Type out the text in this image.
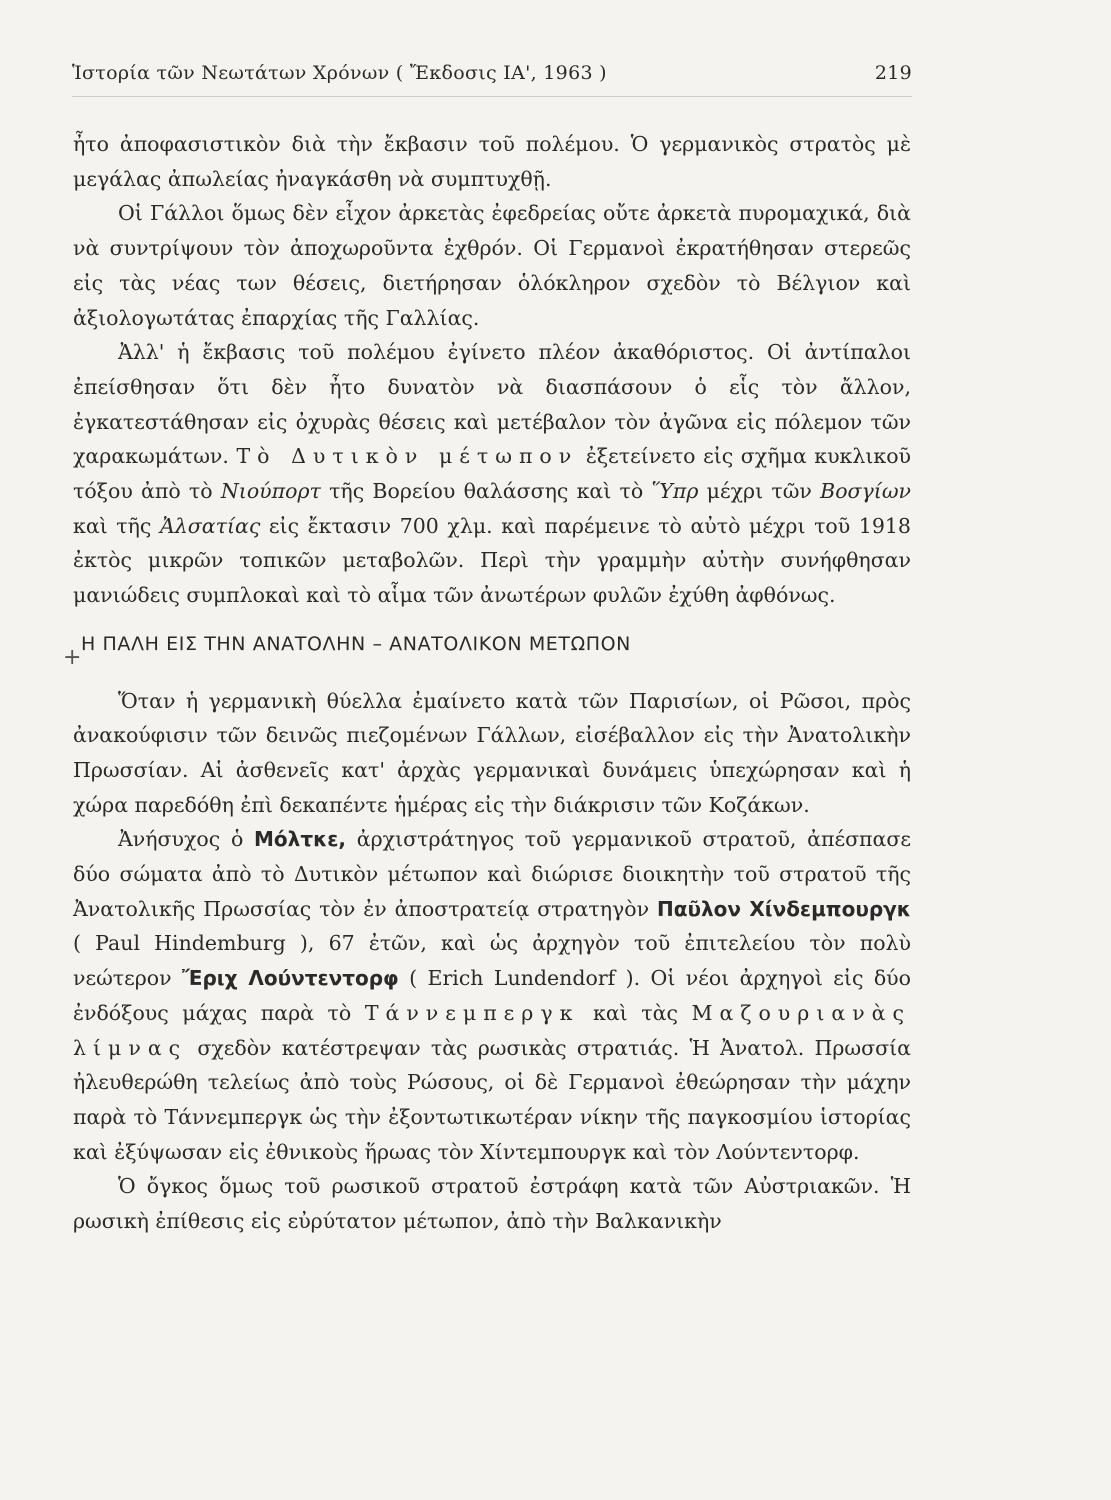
Ἱστορία τῶν Νεωτάτων Χρόνων ( Ἔκδοσις ΙΑ', 1963 )	219

ἦτο ἀποφασιστικὸν διὰ τὴν ἔκβασιν τοῦ πολέμου. Ὁ γερμανικὸς στρατὸς μὲ μεγάλας ἀπωλείας ἠναγκάσθη νὰ συμπτυχθῇ.

Οἱ Γάλλοι ὅμως δὲν εἶχον ἀρκετὰς ἐφεδρείας οὔτε ἀρκετὰ πυρομαχικά, διὰ νὰ συντρίψουν τὸν ἀποχωροῦντα ἐχθρόν. Οἱ Γερμανοὶ ἐκρατήθησαν στερεῶς εἰς τὰς νέας των θέσεις, διετήρησαν ὁλόκληρον σχεδὸν τὸ Βέλγιον καὶ ἀξιολογωτάτας ἐπαρχίας τῆς Γαλλίας.

Ἀλλ' ἡ ἔκβασις τοῦ πολέμου ἐγίνετο πλέον ἀκαθόριστος. Οἱ ἀντίπαλοι ἐπείσθησαν ὅτι δὲν ἦτο δυνατὸν νὰ διασπάσουν ὁ εἷς τὸν ἄλλον, ἐγκατεστάθησαν εἰς ὀχυρὰς θέσεις καὶ μετέβαλον τὸν ἀγῶνα εἰς πόλεμον τῶν χαρακωμάτων. Τὸ Δυτικὸν μέτωπον ἐξετείνετο εἰς σχῆμα κυκλικοῦ τόξου ἀπὸ τὸ Νιούπορτ τῆς Βορείου θαλάσσης καὶ τὸ Ὕπρ μέχρι τῶν Βοσγίων καὶ τῆς Ἀλσατίας εἰς ἔκτασιν 700 χλμ. καὶ παρέμεινε τὸ αὐτὸ μέχρι τοῦ 1918 ἐκτὸς μικρῶν τοπικῶν μεταβολῶν. Περὶ τὴν γραμμὴν αὐτὴν συνήφθησαν μανιώδεις συμπλοκαὶ καὶ τὸ αἷμα τῶν ἀνωτέρων φυλῶν ἐχύθη ἀφθόνως.

+
Η ΠΑΛΗ ΕΙΣ ΤΗΝ ΑΝΑΤΟΛΗΝ – ΑΝΑΤΟΛΙΚΟΝ ΜΕΤΩΠΟΝ

Ὅταν ἡ γερμανικὴ θύελλα ἐμαίνετο κατὰ τῶν Παρισίων, οἱ Ρῶσοι, πρὸς ἀνακούφισιν τῶν δεινῶς πιεζομένων Γάλλων, εἰσέβαλλον εἰς τὴν Ἀνατολικὴν Πρωσσίαν. Αἱ ἀσθενεῖς κατ' ἀρχὰς γερμανικαὶ δυνάμεις ὑπεχώρησαν καὶ ἡ χώρα παρεδόθη ἐπὶ δεκαπέντε ἡμέρας εἰς τὴν διάκρισιν τῶν Κοζάκων.

Ἀνήσυχος ὁ Μόλτκε, ἀρχιστράτηγος τοῦ γερμανικοῦ στρατοῦ, ἀπέσπασε δύο σώματα ἀπὸ τὸ Δυτικὸν μέτωπον καὶ διώρισε διοικητὴν τοῦ στρατοῦ τῆς Ἀνατολικῆς Πρωσσίας τὸν ἐν ἀποστρατείᾳ στρατηγὸν Παῦλον Χίνδεμπουργκ ( Paul Hindemburg ), 67 ἐτῶν, καὶ ὡς ἀρχηγὸν τοῦ ἐπιτελείου τὸν πολὺ νεώτερον Ἔριχ Λούντεντορφ ( Erich Lundendorf ). Οἱ νέοι ἀρχηγοὶ εἰς δύο ἐνδόξους μάχας παρὰ τὸ Τάννεμπεργκ καὶ τὰς Μαζουριανὰς λίμνας σχεδὸν κατέστρεψαν τὰς ρωσικὰς στρατιάς. Ἡ Ἀνατολ. Πρωσσία ἠλευθερώθη τελείως ἀπὸ τοὺς Ρώσους, οἱ δὲ Γερμανοὶ ἐθεώρησαν τὴν μάχην παρὰ τὸ Τάννεμπεργκ ὡς τὴν ἐξοντωτικωτέραν νίκην τῆς παγκοσμίου ἱστορίας καὶ ἐξύψωσαν εἰς ἐθνικοὺς ἥρωας τὸν Χίντεμπουργκ καὶ τὸν Λούντεντορφ.

Ὁ ὄγκος ὅμως τοῦ ρωσικοῦ στρατοῦ ἐστράφη κατὰ τῶν Αὐστριακῶν. Ἡ ρωσικὴ ἐπίθεσις εἰς εὐρύτατον μέτωπον, ἀπὸ τὴν Βαλκανικὴν
